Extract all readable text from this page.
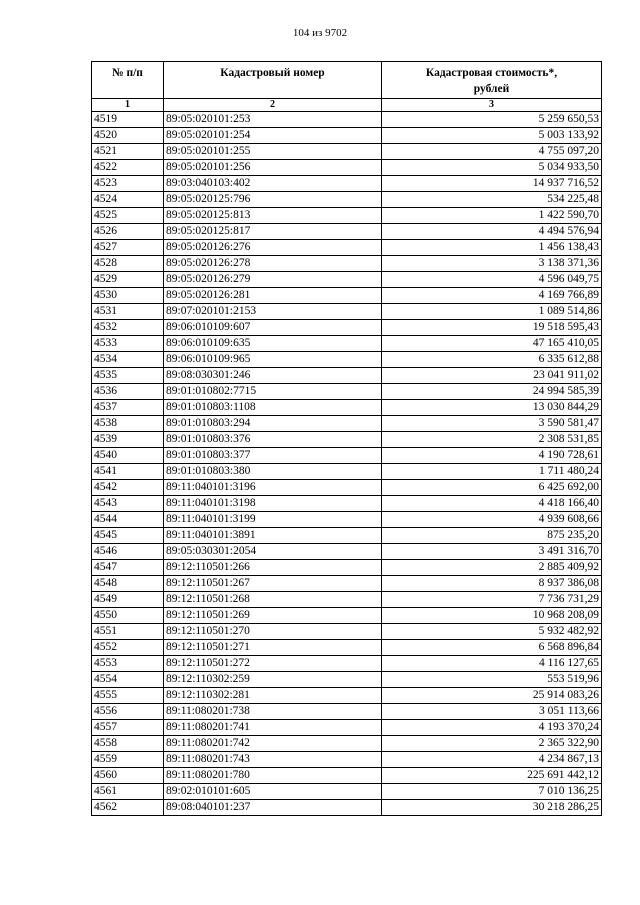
104 из 9702
№ п/п	Кадастровый номер	Кадастровая стоимость*,
рублей
1	2	3
4519	89:05:020101:253	5 259 650,53
4520	89:05:020101:254	5 003 133,92
4521	89:05:020101:255	4 755 097,20
4522	89:05:020101:256	5 034 933,50
4523	89:03:040103:402	14 937 716,52
4524	89:05:020125:796	534 225,48
4525	89:05:020125:813	1 422 590,70
4526	89:05:020125:817	4 494 576,94
4527	89:05:020126:276	1 456 138,43
4528	89:05:020126:278	3 138 371,36
4529	89:05:020126:279	4 596 049,75
4530	89:05:020126:281	4 169 766,89
4531	89:07:020101:2153	1 089 514,86
4532	89:06:010109:607	19 518 595,43
4533	89:06:010109:635	47 165 410,05
4534	89:06:010109:965	6 335 612,88
4535	89:08:030301:246	23 041 911,02
4536	89:01:010802:7715	24 994 585,39
4537	89:01:010803:1108	13 030 844,29
4538	89:01:010803:294	3 590 581,47
4539	89:01:010803:376	2 308 531,85
4540	89:01:010803:377	4 190 728,61
4541	89:01:010803:380	1 711 480,24
4542	89:11:040101:3196	6 425 692,00
4543	89:11:040101:3198	4 418 166,40
4544	89:11:040101:3199	4 939 608,66
4545	89:11:040101:3891	875 235,20
4546	89:05:030301:2054	3 491 316,70
4547	89:12:110501:266	2 885 409,92
4548	89:12:110501:267	8 937 386,08
4549	89:12:110501:268	7 736 731,29
4550	89:12:110501:269	10 968 208,09
4551	89:12:110501:270	5 932 482,92
4552	89:12:110501:271	6 568 896,84
4553	89:12:110501:272	4 116 127,65
4554	89:12:110302:259	553 519,96
4555	89:12:110302:281	25 914 083,26
4556	89:11:080201:738	3 051 113,66
4557	89:11:080201:741	4 193 370,24
4558	89:11:080201:742	2 365 322,90
4559	89:11:080201:743	4 234 867,13
4560	89:11:080201:780	225 691 442,12
4561	89:02:010101:605	7 010 136,25
4562	89:08:040101:237	30 218 286,25
